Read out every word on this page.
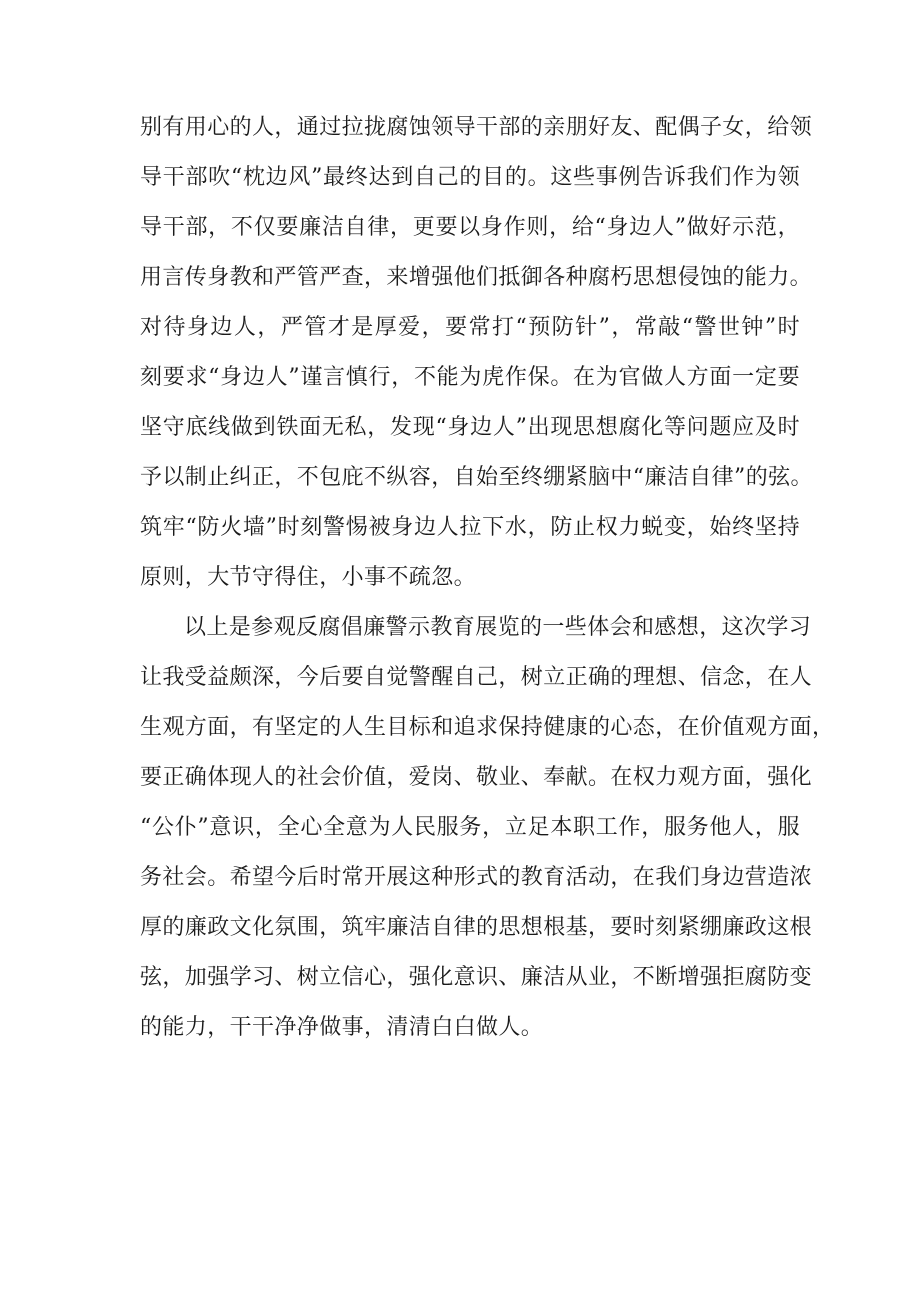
别有用心的人，通过拉拢腐蚀领导干部的亲朋好友、配偶子女，给领
导干部吹“枕边风”最终达到自己的目的。这些事例告诉我们作为领
导干部，不仅要廉洁自律，更要以身作则，给“身边人”做好示范，
用言传身教和严管严查，来增强他们抵御各种腐朽思想侵蚀的能力。
对待身边人，严管才是厚爱，要常打“预防针”，常敲“警世钟”时
刻要求“身边人”谨言慎行，不能为虎作保。在为官做人方面一定要
坚守底线做到铁面无私，发现“身边人”出现思想腐化等问题应及时
予以制止纠正，不包庇不纵容，自始至终绷紧脑中“廉洁自律”的弦。
筑牢“防火墙”时刻警惕被身边人拉下水，防止权力蜕变，始终坚持
原则，大节守得住，小事不疏忽。
以上是参观反腐倡廉警示教育展览的一些体会和感想，这次学习
让我受益颇深，今后要自觉警醒自己，树立正确的理想、信念，在人
生观方面，有坚定的人生目标和追求保持健康的心态，在价值观方面，
要正确体现人的社会价值，爱岗、敬业、奉献。在权力观方面，强化
“公仆”意识，全心全意为人民服务，立足本职工作，服务他人，服
务社会。希望今后时常开展这种形式的教育活动，在我们身边营造浓
厚的廉政文化氛围，筑牢廉洁自律的思想根基，要时刻紧绷廉政这根
弦，加强学习、树立信心，强化意识、廉洁从业，不断增强拒腐防变
的能力，干干净净做事，清清白白做人。
